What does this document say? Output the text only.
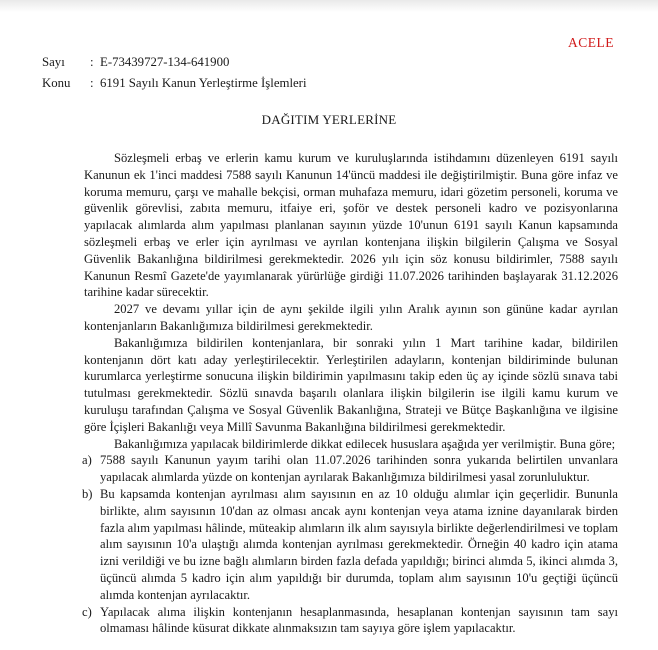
ACELE
Sayı : E-73439727-134-641900
Konu : 6191 Sayılı Kanun Yerleştirme İşlemleri
DAĞITIM YERLERİNE

Sözleşmeli erbaş ve erlerin kamu kurum ve kuruluşlarında istihdamını düzenleyen 6191 sayılı Kanunun ek 1'inci maddesi 7588 sayılı Kanunun 14'üncü maddesi ile değiştirilmiştir. Buna göre infaz ve koruma memuru, çarşı ve mahalle bekçisi, orman muhafaza memuru, idari gözetim personeli, koruma ve güvenlik görevlisi, zabıta memuru, itfaiye eri, şoför ve destek personeli kadro ve pozisyonlarına yapılacak alımlarda alım yapılması planlanan sayının yüzde 10'unun 6191 sayılı Kanun kapsamında sözleşmeli erbaş ve erler için ayrılması ve ayrılan kontenjana ilişkin bilgilerin Çalışma ve Sosyal Güvenlik Bakanlığına bildirilmesi gerekmektedir. 2026 yılı için söz konusu bildirimler, 7588 sayılı Kanunun Resmî Gazete'de yayımlanarak yürürlüğe girdiği 11.07.2026 tarihinden başlayarak 31.12.2026 tarihine kadar sürecektir.

2027 ve devamı yıllar için de aynı şekilde ilgili yılın Aralık ayının son gününe kadar ayrılan kontenjanların Bakanlığımıza bildirilmesi gerekmektedir.

Bakanlığımıza bildirilen kontenjanlara, bir sonraki yılın 1 Mart tarihine kadar, bildirilen kontenjanın dört katı aday yerleştirilecektir. Yerleştirilen adayların, kontenjan bildiriminde bulunan kurumlarca yerleştirme sonucuna ilişkin bildirimin yapılmasını takip eden üç ay içinde sözlü sınava tabi tutulması gerekmektedir. Sözlü sınavda başarılı olanlara ilişkin bilgilerin ise ilgili kamu kurum ve kuruluşu tarafından Çalışma ve Sosyal Güvenlik Bakanlığına, Strateji ve Bütçe Başkanlığına ve ilgisine göre İçişleri Bakanlığı veya Millî Savunma Bakanlığına bildirilmesi gerekmektedir.

Bakanlığımıza yapılacak bildirimlerde dikkat edilecek hususlara aşağıda yer verilmiştir. Buna göre;

a) 7588 sayılı Kanunun yayım tarihi olan 11.07.2026 tarihinden sonra yukarıda belirtilen unvanlara yapılacak alımlarda yüzde on kontenjan ayrılarak Bakanlığımıza bildirilmesi yasal zorunluluktur.

b) Bu kapsamda kontenjan ayrılması alım sayısının en az 10 olduğu alımlar için geçerlidir. Bununla birlikte, alım sayısının 10'dan az olması ancak aynı kontenjan veya atama iznine dayanılarak birden fazla alım yapılması hâlinde, müteakip alımların ilk alım sayısıyla birlikte değerlendirilmesi ve toplam alım sayısının 10'a ulaştığı alımda kontenjan ayrılması gerekmektedir. Örneğin 40 kadro için atama izni verildiği ve bu izne bağlı alımların birden fazla defada yapıldığı; birinci alımda 5, ikinci alımda 3, üçüncü alımda 5 kadro için alım yapıldığı bir durumda, toplam alım sayısının 10'u geçtiği üçüncü alımda kontenjan ayrılacaktır.

c) Yapılacak alıma ilişkin kontenjanın hesaplanmasında, hesaplanan kontenjan sayısının tam sayı olmaması hâlinde küsurat dikkate alınmaksızın tam sayıya göre işlem yapılacaktır.
